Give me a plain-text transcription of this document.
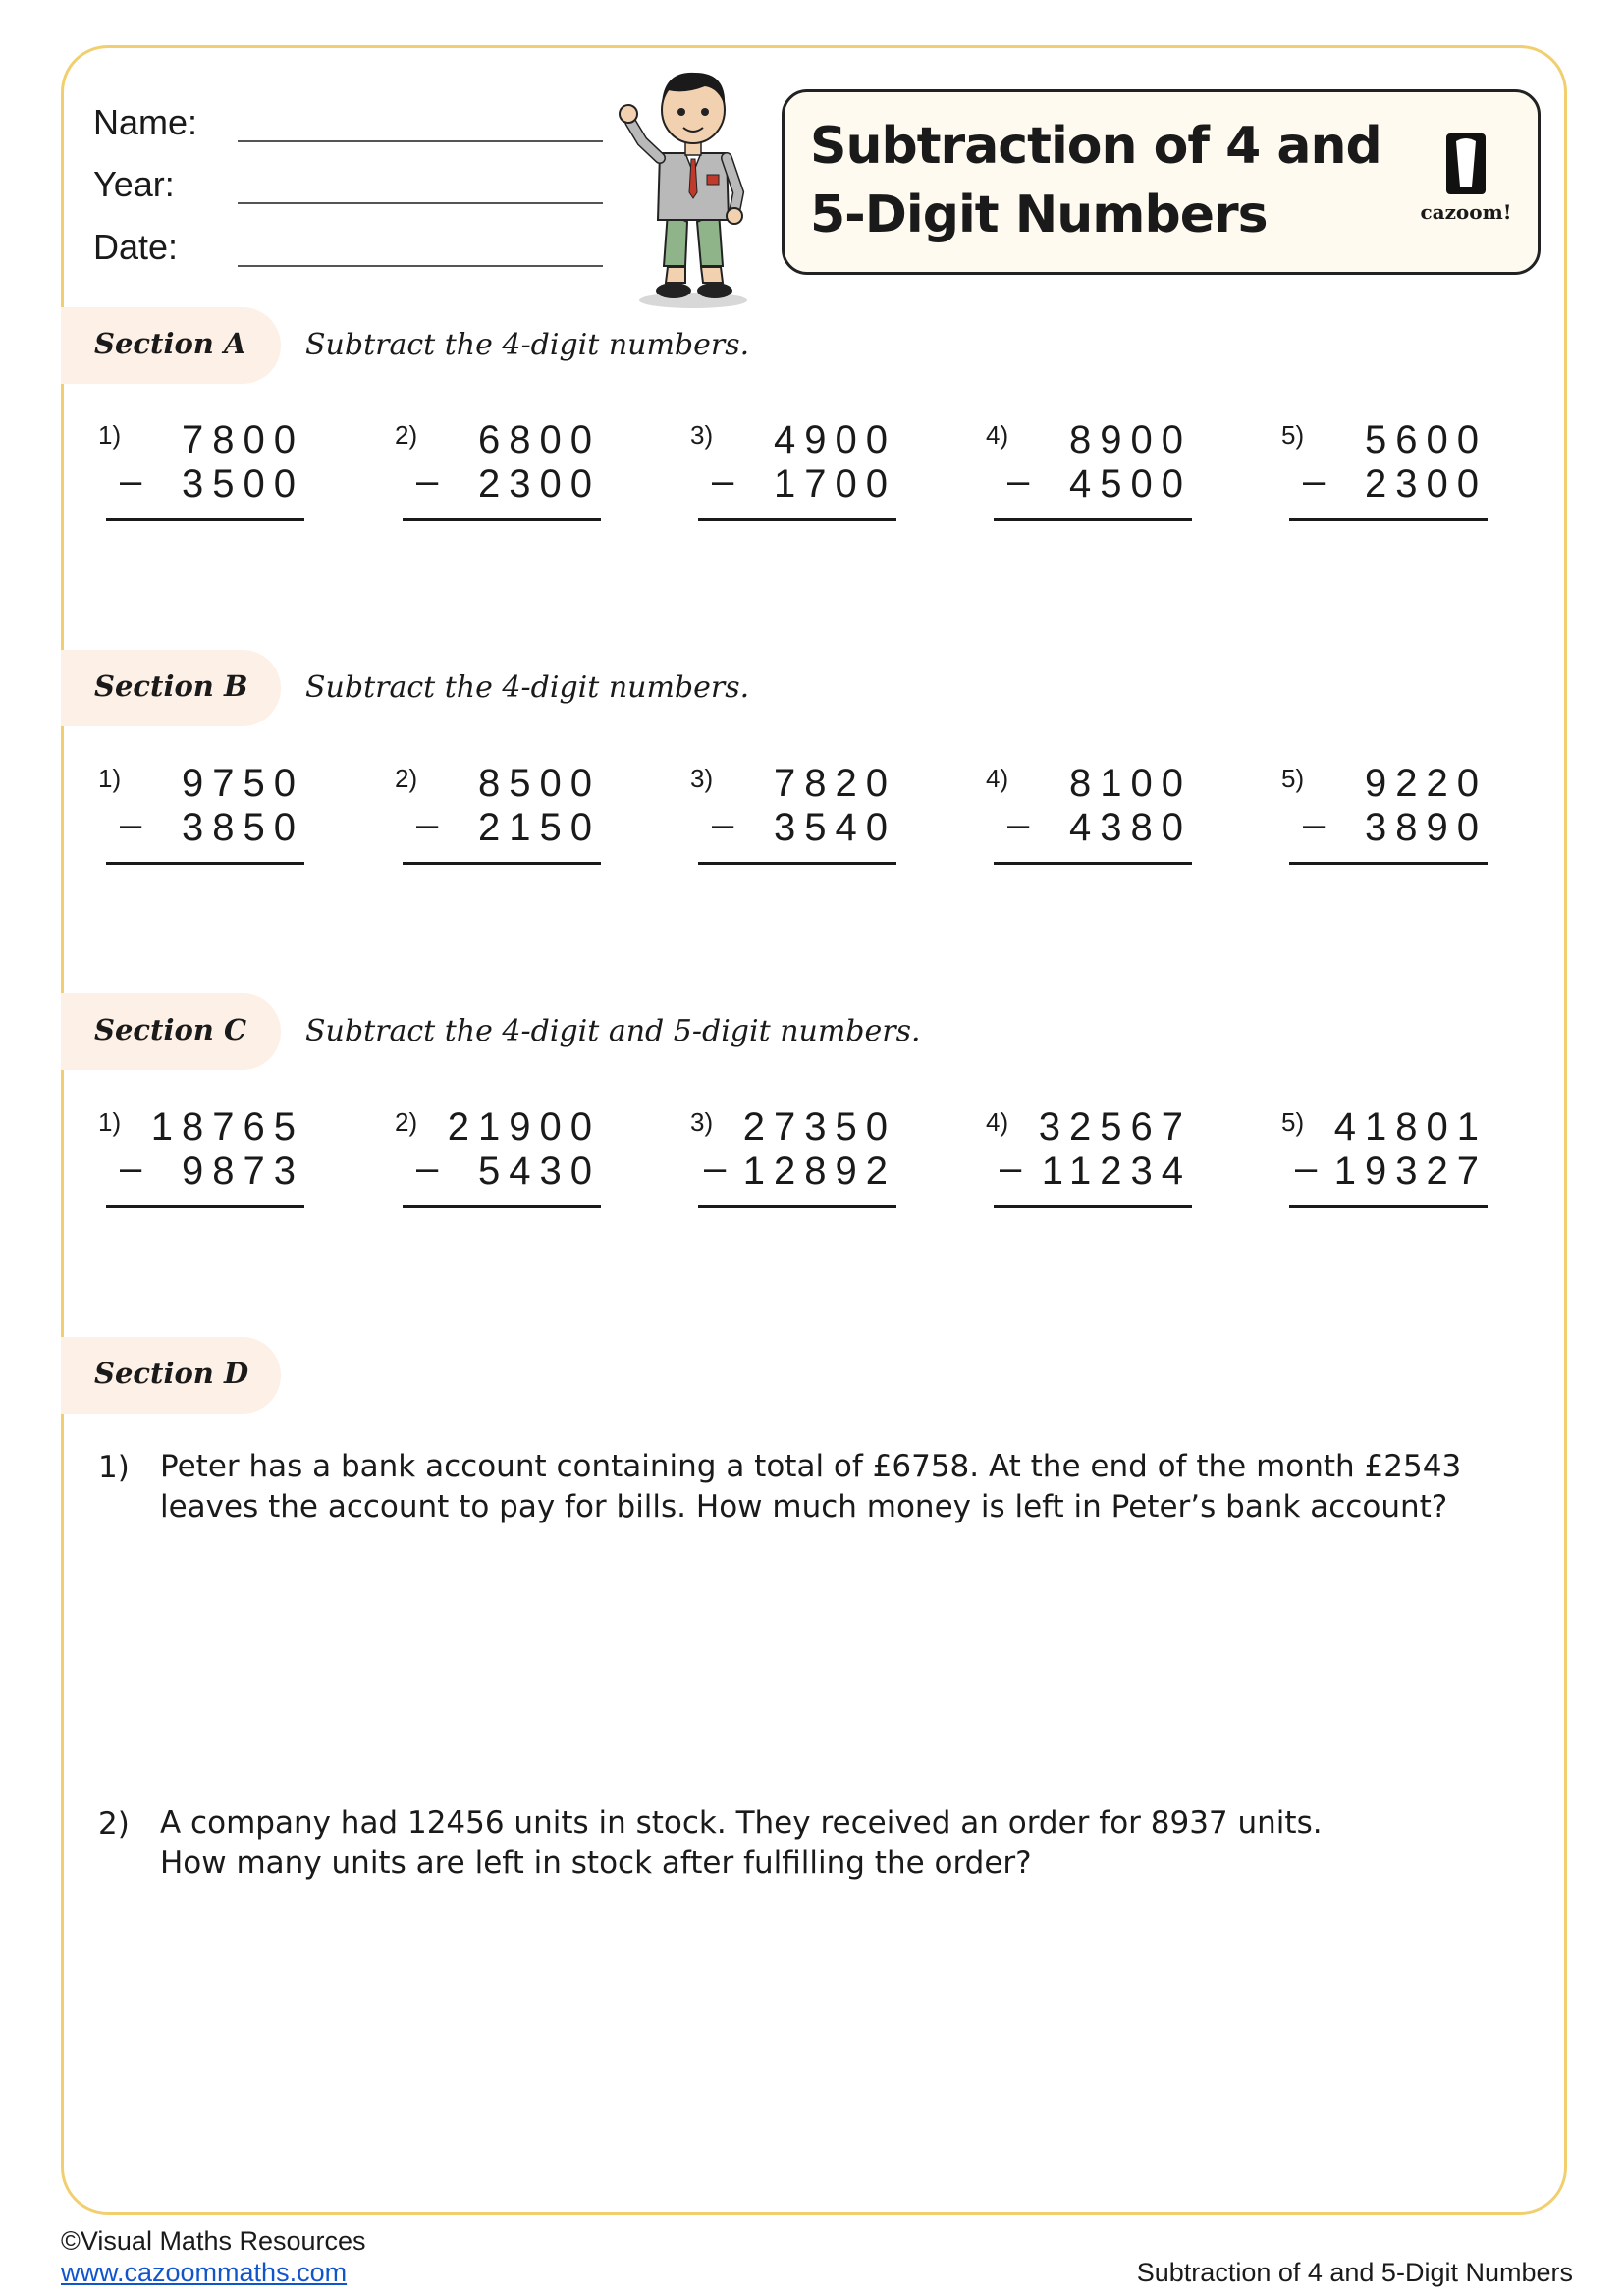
Name:
Year:
Date:
Subtraction of 4 and
5-Digit Numbers	cazoom!
Section A Subtract the 4-digit numbers.
1) 7800
– 3500
2) 6800
– 2300
3) 4900
– 1700
4) 8900
– 4500
5) 5600
– 2300
Section B Subtract the 4-digit numbers.
1) 9750
– 3850
2) 8500
– 2150
3) 7820
– 3540
4) 8100
– 4380
5) 9220
– 3890
Section C Subtract the 4-digit and 5-digit numbers.
1) 18765
– 9873
2) 21900
– 5430
3) 27350
– 12892
4) 32567
– 11234
5) 41801
– 19327
Section D
1) Peter has a bank account containing a total of £6758. At the end of the month £2543
leaves the account to pay for bills. How much money is left in Peter’s bank account?
2) A company had 12456 units in stock. They received an order for 8937 units.
How many units are left in stock after fulfilling the order?
©Visual Maths Resources
www.cazoommaths.com	Subtraction of 4 and 5-Digit Numbers
